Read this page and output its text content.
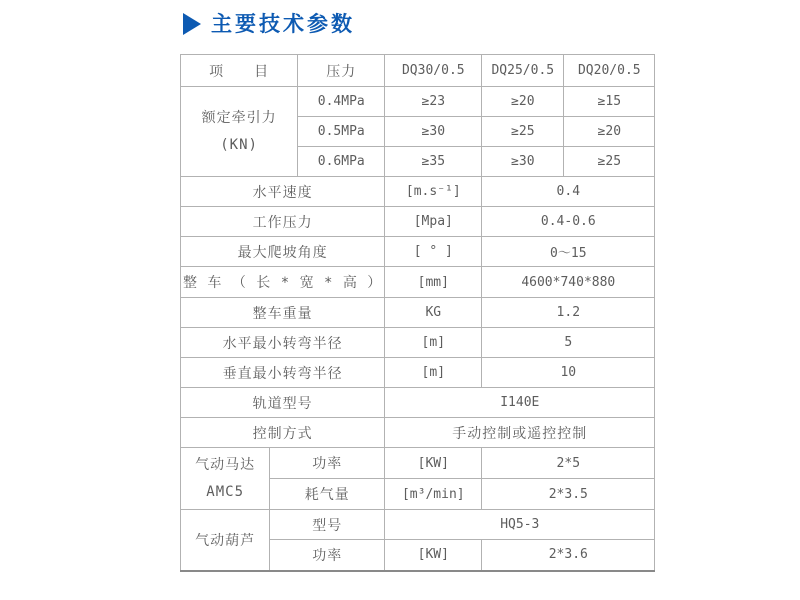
主要技术参数
项　　目		压力	DQ30/0.5	DQ25/0.5	DQ20/0.5

额定牵引力
(KN)		0.4MPa	≥23	≥20	≥15
		0.5MPa	≥30	≥25	≥20
		0.6MPa	≥35	≥30	≥25
水平速度			[m.s⁻¹]	0.4	
工作压力			[Mpa]	0.4-0.6	
最大爬坡角度			[ ° ]	0～15	
整 车 （ 长 * 宽 * 高 ）			[mm]	4600*740*880	
整车重量			KG	1.2	
水平最小转弯半径			[m]	5	
垂直最小转弯半径			[m]	10	
轨道型号			I140E		
控制方式			手动控制或遥控控制		

气动马达
AMC5	功率		[KW]	2*5	
	耗气量		[m³/min]	2*3.5	
气动葫芦	型号		HQ5-3		
	功率		[KW]	2*3.6	
